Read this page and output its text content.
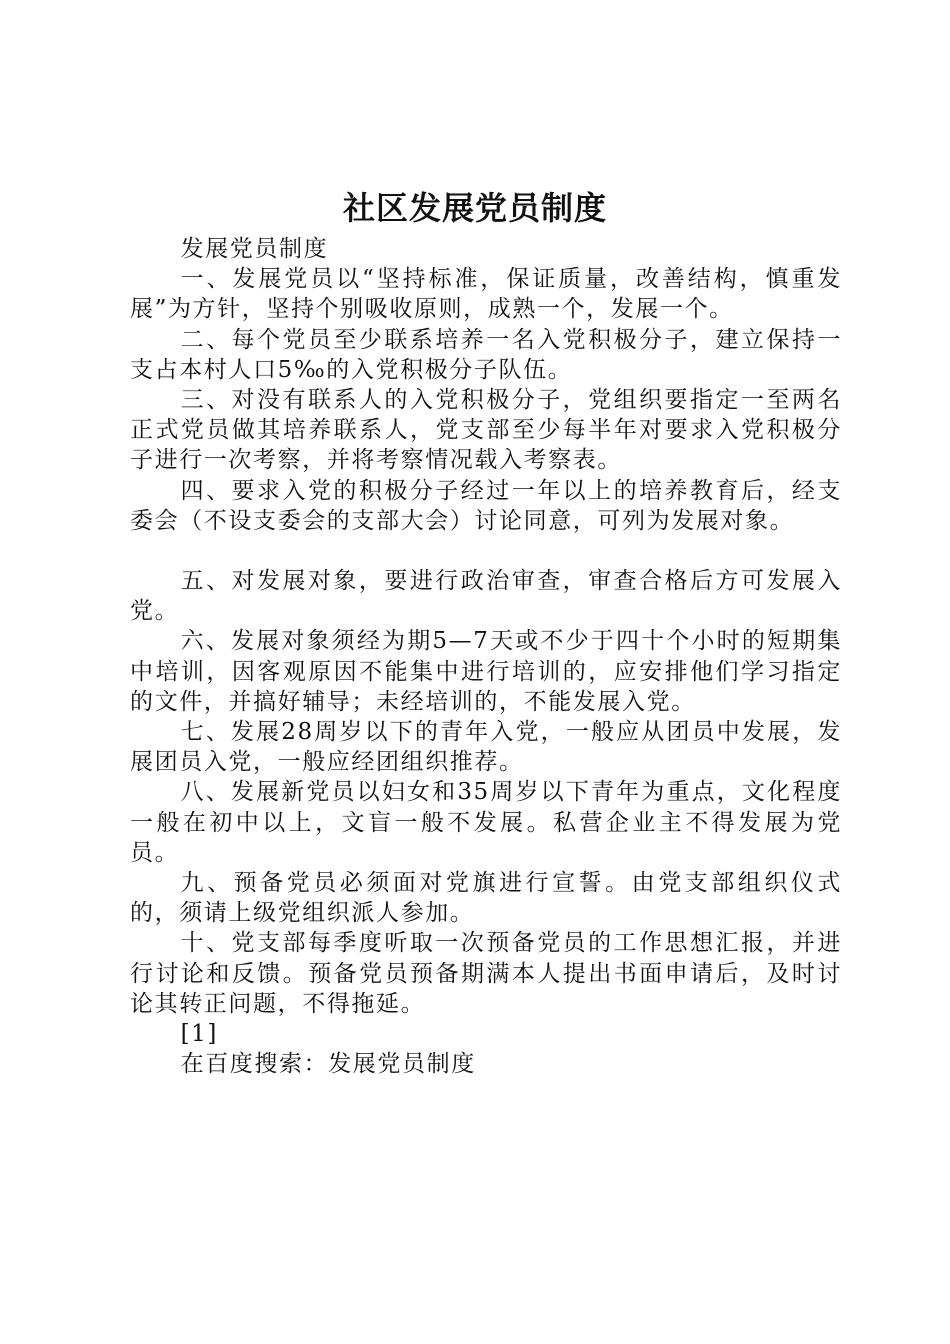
社区发展党员制度

发展党员制度

一、发展党员以“坚持标准，保证质量，改善结构，慎重发展”为方针，坚持个别吸收原则，成熟一个，发展一个。

二、每个党员至少联系培养一名入党积极分子，建立保持一支占本村人口5‰的入党积极分子队伍。

三、对没有联系人的入党积极分子，党组织要指定一至两名正式党员做其培养联系人，党支部至少每半年对要求入党积极分子进行一次考察，并将考察情况载入考察表。

四、要求入党的积极分子经过一年以上的培养教育后，经支委会（不设支委会的支部大会）讨论同意，可列为发展对象。

五、对发展对象，要进行政治审查，审查合格后方可发展入党。

六、发展对象须经为期5—7天或不少于四十个小时的短期集中培训，因客观原因不能集中进行培训的，应安排他们学习指定的文件，并搞好辅导；未经培训的，不能发展入党。

七、发展28周岁以下的青年入党，一般应从团员中发展，发展团员入党，一般应经团组织推荐。

八、发展新党员以妇女和35周岁以下青年为重点，文化程度一般在初中以上，文盲一般不发展。私营企业主不得发展为党员。

九、预备党员必须面对党旗进行宣誓。由党支部组织仪式的，须请上级党组织派人参加。

十、党支部每季度听取一次预备党员的工作思想汇报，并进行讨论和反馈。预备党员预备期满本人提出书面申请后，及时讨论其转正问题，不得拖延。

[1]

在百度搜索：发展党员制度
